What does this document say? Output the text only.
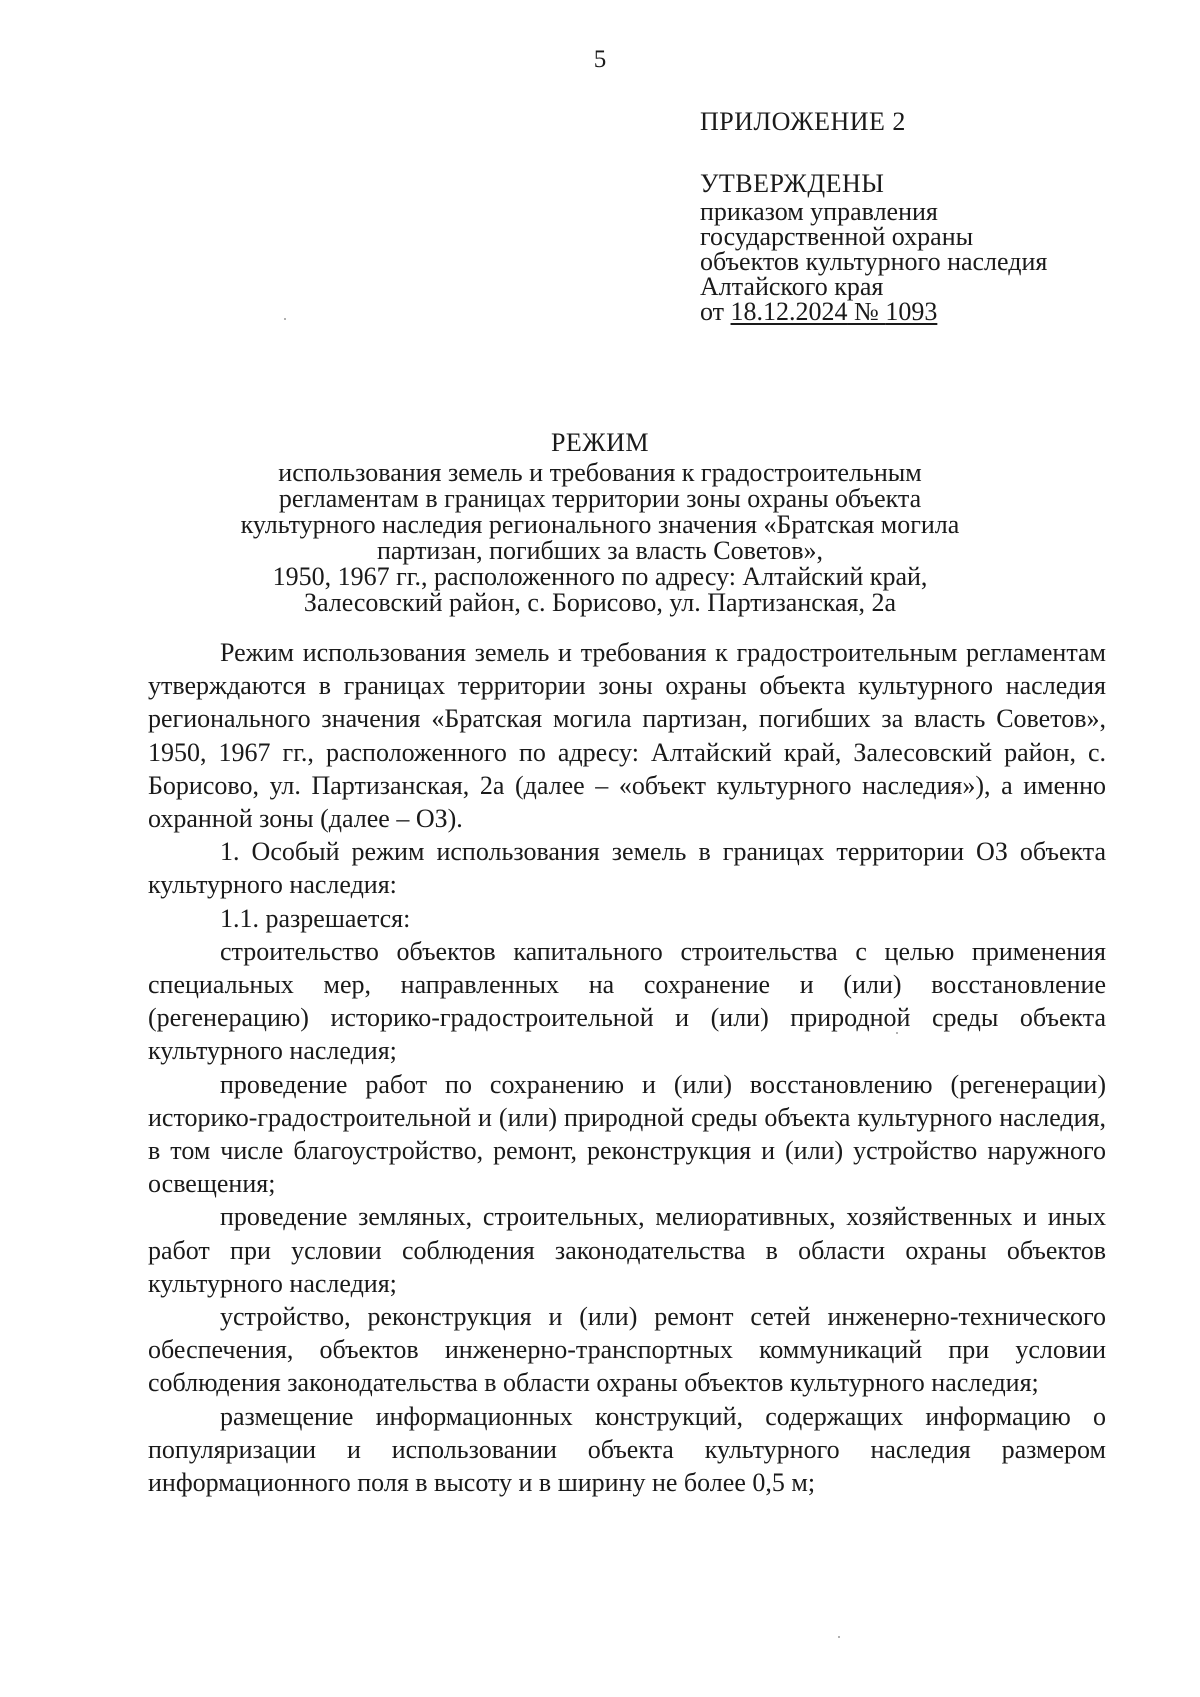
5
ПРИЛОЖЕНИЕ 2
УТВЕРЖДЕНЫ
приказом управления
государственной охраны
объектов культурного наследия
Алтайского края
от 18.12.2024 № 1093
РЕЖИМ
использования земель и требования к градостроительным
регламентам в границах территории зоны охраны объекта
культурного наследия регионального значения «Братская могила
партизан, погибших за власть Советов»,
1950, 1967 гг., расположенного по адресу: Алтайский край,
Залесовский район, с. Борисово, ул. Партизанская, 2а

Режим использования земель и требования к градостроительным регламентам утверждаются в границах территории зоны охраны объекта культурного наследия регионального значения «Братская могила партизан, погибших за власть Советов», 1950, 1967 гг., расположенного по адресу: Алтайский край, Залесовский район, с. Борисово, ул. Партизанская, 2а (далее – «объект культурного наследия»), а именно охранной зоны (далее – ОЗ).

1. Особый режим использования земель в границах территории ОЗ объекта культурного наследия:

1.1. разрешается:

строительство объектов капитального строительства с целью применения специальных мер, направленных на сохранение и (или) восстановление (регенерацию) историко-градостроительной и (или) природной среды объекта культурного наследия;

проведение работ по сохранению и (или) восстановлению (регенерации) историко-градостроительной и (или) природной среды объекта культурного наследия, в том числе благоустройство, ремонт, реконструкция и (или) устройство наружного освещения;

проведение земляных, строительных, мелиоративных, хозяйственных и иных работ при условии соблюдения законодательства в области охраны объектов культурного наследия;

устройство, реконструкция и (или) ремонт сетей инженерно-технического обеспечения, объектов инженерно-транспортных коммуникаций при условии соблюдения законодательства в области охраны объектов культурного наследия;

размещение информационных конструкций, содержащих информацию о популяризации и использовании объекта культурного наследия размером информационного поля в высоту и в ширину не более 0,5 м;
